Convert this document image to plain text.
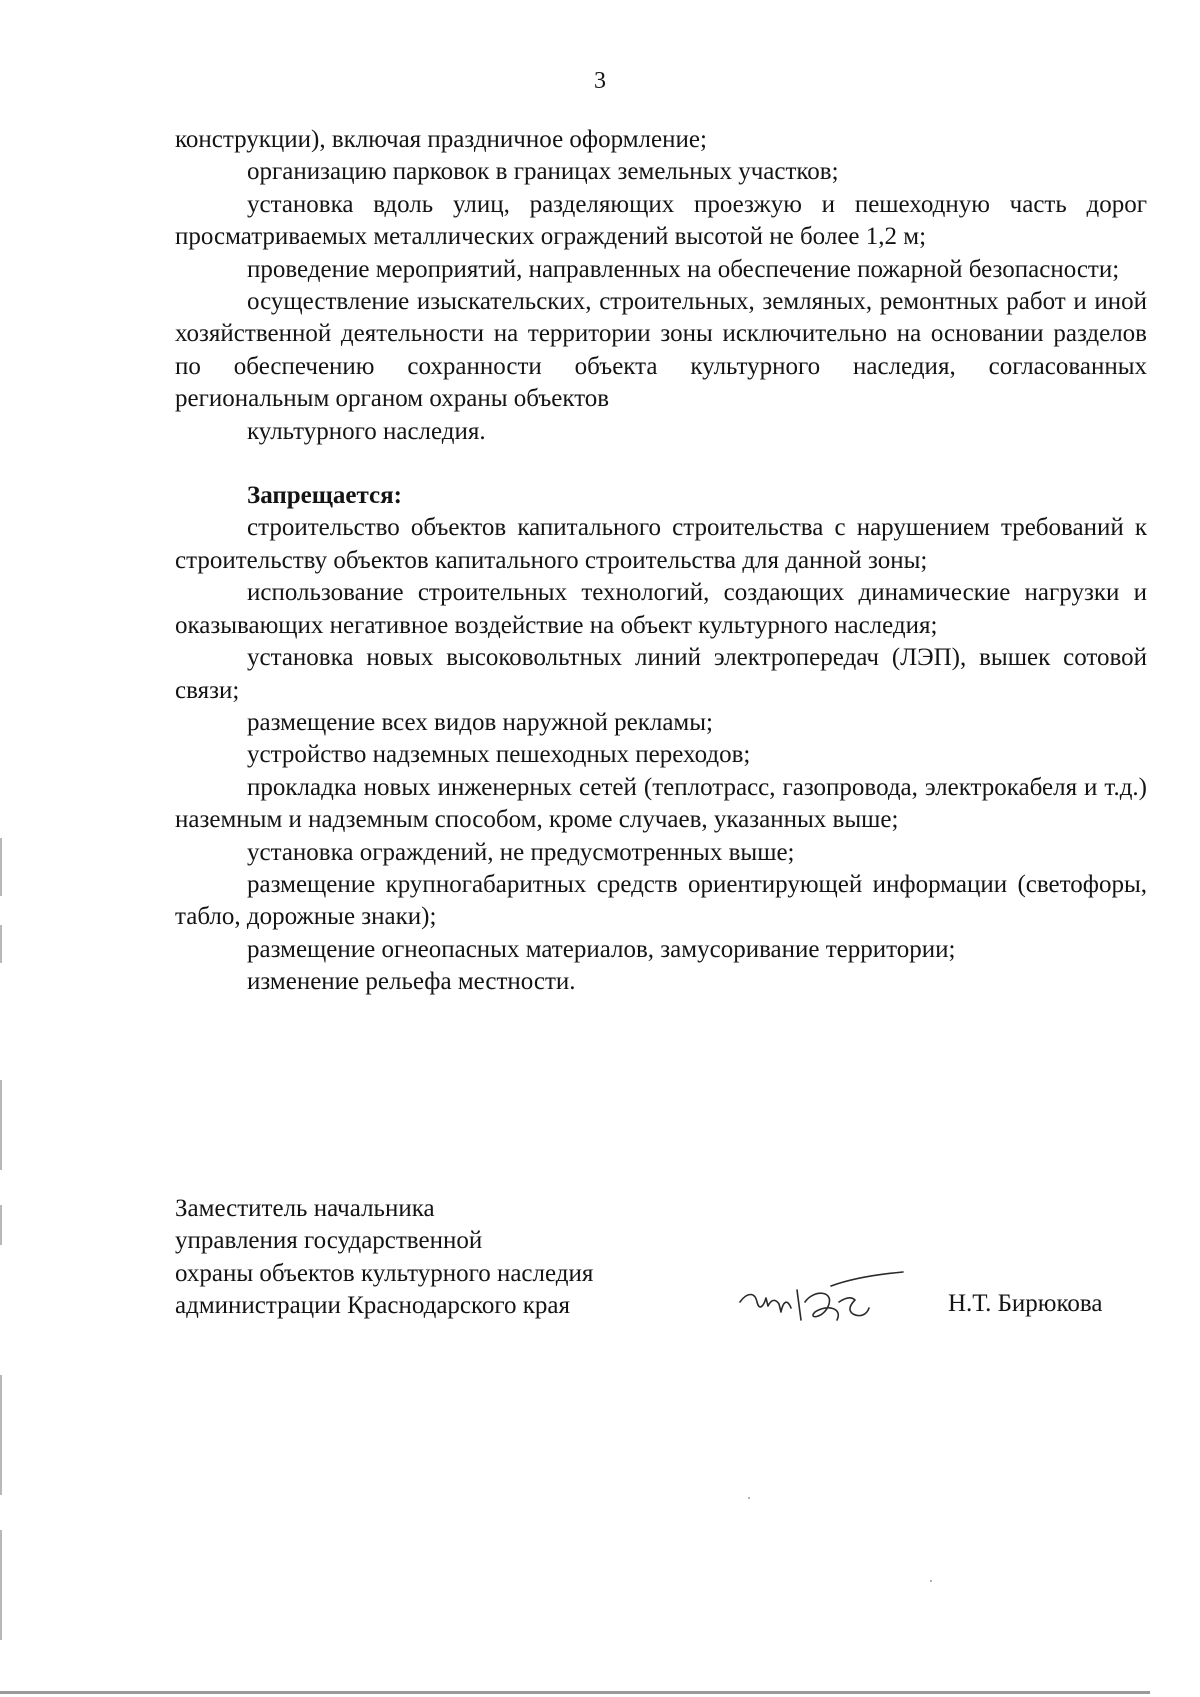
3

конструкции), включая праздничное оформление;

организацию парковок в границах земельных участков;

установка вдоль улиц, разделяющих проезжую и пешеходную часть дорог просматриваемых металлических ограждений высотой не более 1,2 м;

проведение мероприятий, направленных на обеспечение пожарной безопасности;

осуществление изыскательских, строительных, земляных, ремонтных работ и иной хозяйственной деятельности на территории зоны исключительно на основании разделов по обеспечению сохранности объекта культурного наследия, согласованных региональным органом охраны объектов

культурного наследия.

Запрещается:

строительство объектов капитального строительства с нарушением требований к строительству объектов капитального строительства для данной зоны;

использование строительных технологий, создающих динамические нагрузки и оказывающих негативное воздействие на объект культурного наследия;

установка новых высоковольтных линий электропередач (ЛЭП), вышек сотовой связи;

размещение всех видов наружной рекламы;

устройство надземных пешеходных переходов;

прокладка новых инженерных сетей (теплотрасс, газопровода, электрокабеля и т.д.) наземным и надземным способом, кроме случаев, указанных выше;

установка ограждений, не предусмотренных выше;

размещение крупногабаритных средств ориентирующей информации (светофоры, табло, дорожные знаки);

размещение огнеопасных материалов, замусоривание территории;

изменение рельефа местности.

Заместитель начальника
управления государственной
охраны объектов культурного наследия
администрации Краснодарского края	Н.Т. Бирюкова
